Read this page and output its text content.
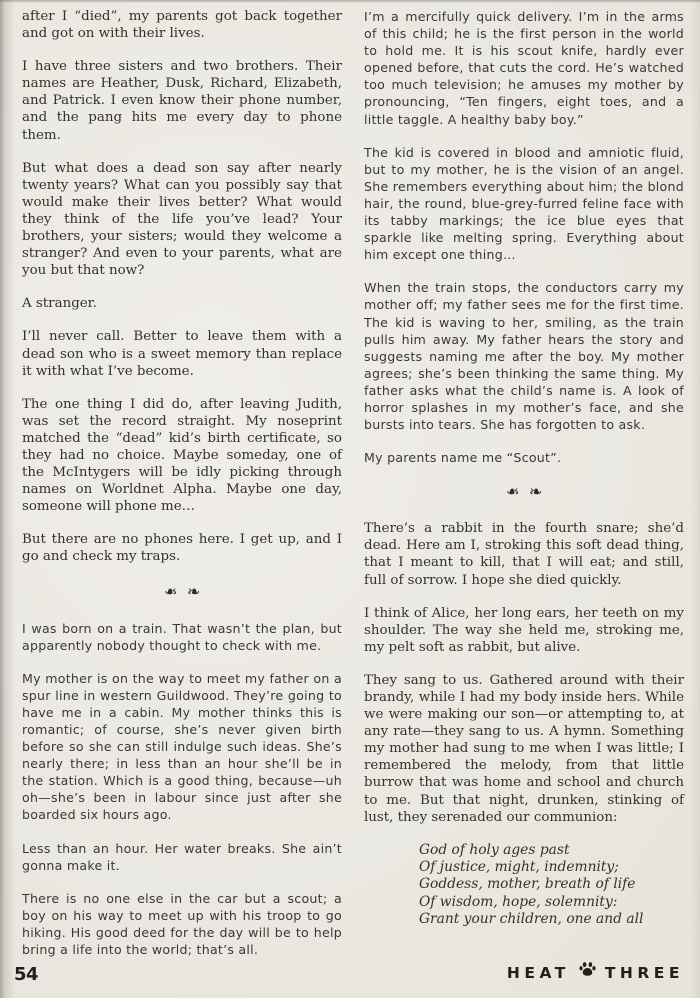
after I “died”, my parents got back together and got on with their lives.

I have three sisters and two brothers. Their names are Heather, Dusk, Richard, Elizabeth, and Patrick. I even know their phone number, and the pang hits me every day to phone them.

But what does a dead son say after nearly twenty years? What can you possibly say that would make their lives better? What would they think of the life you’ve lead? Your brothers, your sisters; would they welcome a stranger? And even to your parents, what are you but that now?

A stranger.

I’ll never call. Better to leave them with a dead son who is a sweet memory than replace it with what I’ve become.

The one thing I did do, after leaving Judith, was set the record straight. My noseprint matched the “dead” kid’s birth certificate, so they had no choice. Maybe someday, one of the McIntygers will be idly picking through names on Worldnet Alpha. Maybe one day, someone will phone me…

But there are no phones here. I get up, and I go and check my traps.

❧ ❧

I was born on a train. That wasn’t the plan, but apparently nobody thought to check with me.

My mother is on the way to meet my father on a spur line in western Guildwood. They’re going to have me in a cabin. My mother thinks this is romantic; of course, she’s never given birth before so she can still indulge such ideas. She’s nearly there; in less than an hour she’ll be in the station. Which is a good thing, because—uh oh—she’s been in labour since just after she boarded six hours ago.

Less than an hour. Her water breaks. She ain’t gonna make it.

There is no one else in the car but a scout; a boy on his way to meet up with his troop to go hiking. His good deed for the day will be to help bring a life into the world; that’s all.

I’m a mercifully quick delivery. I’m in the arms of this child; he is the first person in the world to hold me. It is his scout knife, hardly ever opened before, that cuts the cord. He’s watched too much television; he amuses my mother by pronouncing, “Ten fingers, eight toes, and a little taggle. A healthy baby boy.”

The kid is covered in blood and amniotic fluid, but to my mother, he is the vision of an angel. She remembers everything about him; the blond hair, the round, blue-grey-furred feline face with its tabby markings; the ice blue eyes that sparkle like melting spring. Everything about him except one thing…

When the train stops, the conductors carry my mother off; my father sees me for the first time. The kid is waving to her, smiling, as the train pulls him away. My father hears the story and suggests naming me after the boy. My mother agrees; she’s been thinking the same thing. My father asks what the child’s name is. A look of horror splashes in my mother’s face, and she bursts into tears. She has forgotten to ask.

My parents name me “Scout”.

❧ ❧

There’s a rabbit in the fourth snare; she’d dead. Here am I, stroking this soft dead thing, that I meant to kill, that I will eat; and still, full of sorrow. I hope she died quickly.

I think of Alice, her long ears, her teeth on my shoulder. The way she held me, stroking me, my pelt soft as rabbit, but alive.

They sang to us. Gathered around with their brandy, while I had my body inside hers. While we were making our son—or attempting to, at any rate—they sang to us. A hymn. Something my mother had sung to me when I was little; I remembered the melody, from that little burrow that was home and school and church to me. But that night, drunken, stinking of lust, they serenaded our communion:

God of holy ages past

Of justice, might, indemnity;

Goddess, mother, breath of life

Of wisdom, hope, solemnity:

Grant your children, one and all

54	HEAT THREE
